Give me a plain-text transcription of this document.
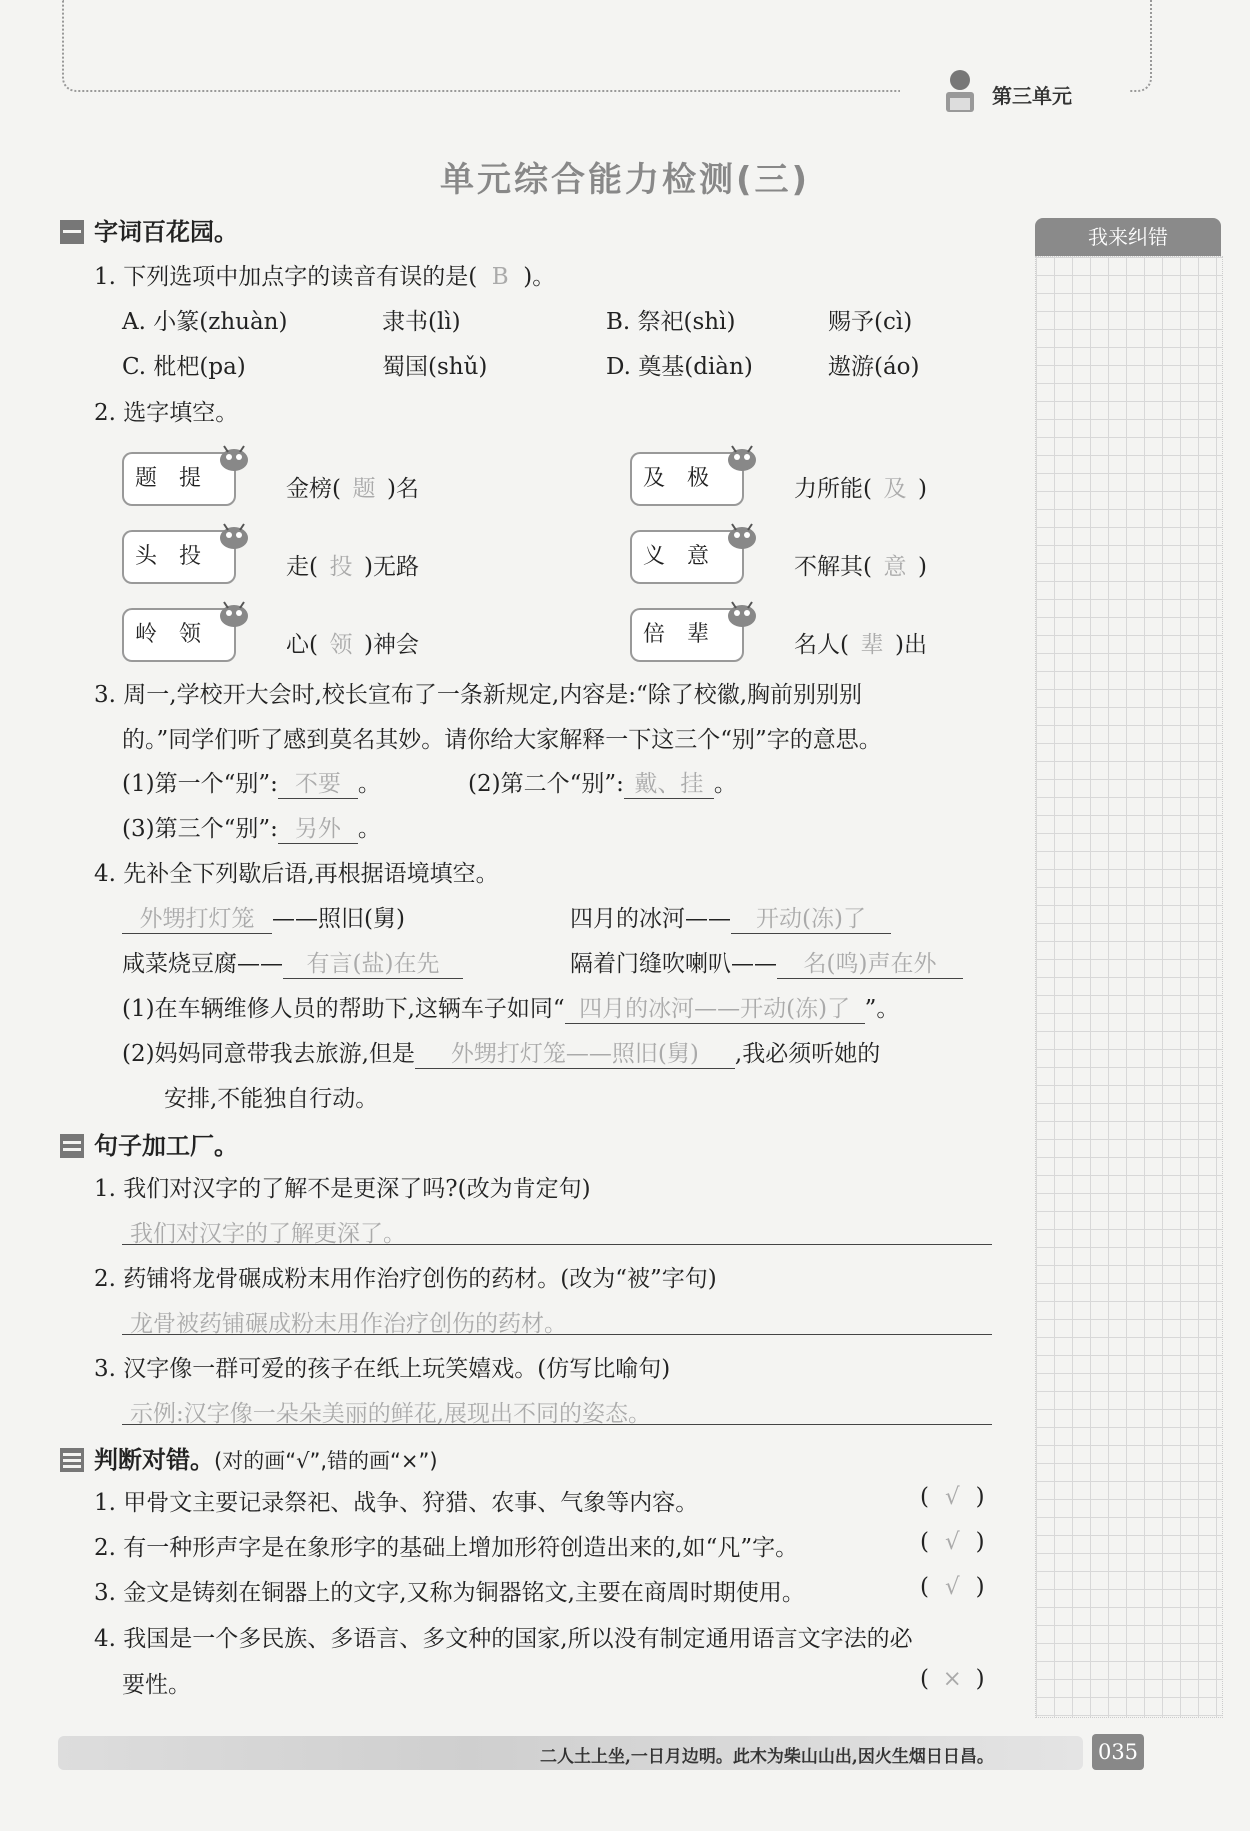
第三单元
单元综合能力检测(三)
我来纠错
字词百花园。
1. 下列选项中加点字的读音有误的是( B )。
A. 小篆(zhuàn)	隶书(lì)	B. 祭祀(shì)	赐予(cì)
C. 枇杷(pa)	蜀国(shǔ)	D. 奠基(diàn)	遨游(áo)
2. 选字填空。
题提	金榜( 题 )名	及极	力所能( 及 )
头投	走( 投 )无路	义意	不解其( 意 )
岭领	心( 领 )神会	倍辈	名人( 辈 )出
3. 周一,学校开大会时,校长宣布了一条新规定,内容是:“除了校徽,胸前别别别
的。”同学们听了感到莫名其妙。请你给大家解释一下这三个“别”字的意思。
(1)第一个“别”: 不要 。	(2)第二个“别”: 戴、挂 。
(3)第三个“别”: 另外 。
4. 先补全下列歇后语,再根据语境填空。
外甥打灯笼 ——照旧(舅)	四月的冰河—— 开动(冻)了
咸菜烧豆腐—— 有言(盐)在先	隔着门缝吹喇叭—— 名(鸣)声在外
(1)在车辆维修人员的帮助下,这辆车子如同“ 四月的冰河——开动(冻)了 ”。
(2)妈妈同意带我去旅游,但是 外甥打灯笼——照旧(舅) ,我必须听她的
安排,不能独自行动。
句子加工厂。
1. 我们对汉字的了解不是更深了吗?(改为肯定句)
我们对汉字的了解更深了。
2. 药铺将龙骨碾成粉末用作治疗创伤的药材。(改为“被”字句)
龙骨被药铺碾成粉末用作治疗创伤的药材。
3. 汉字像一群可爱的孩子在纸上玩笑嬉戏。(仿写比喻句)
示例:汉字像一朵朵美丽的鲜花,展现出不同的姿态。
判断对错。(对的画“√”,错的画“×”)
1. 甲骨文主要记录祭祀、战争、狩猎、农事、气象等内容。	( √ )
2. 有一种形声字是在象形字的基础上增加形符创造出来的,如“凡”字。	( √ )
3. 金文是铸刻在铜器上的文字,又称为铜器铭文,主要在商周时期使用。	( √ )
4. 我国是一个多民族、多语言、多文种的国家,所以没有制定通用语言文字法的必
要性。	( × )
二人土上坐,一日月边明。此木为柴山山出,因火生烟日日昌。	035
